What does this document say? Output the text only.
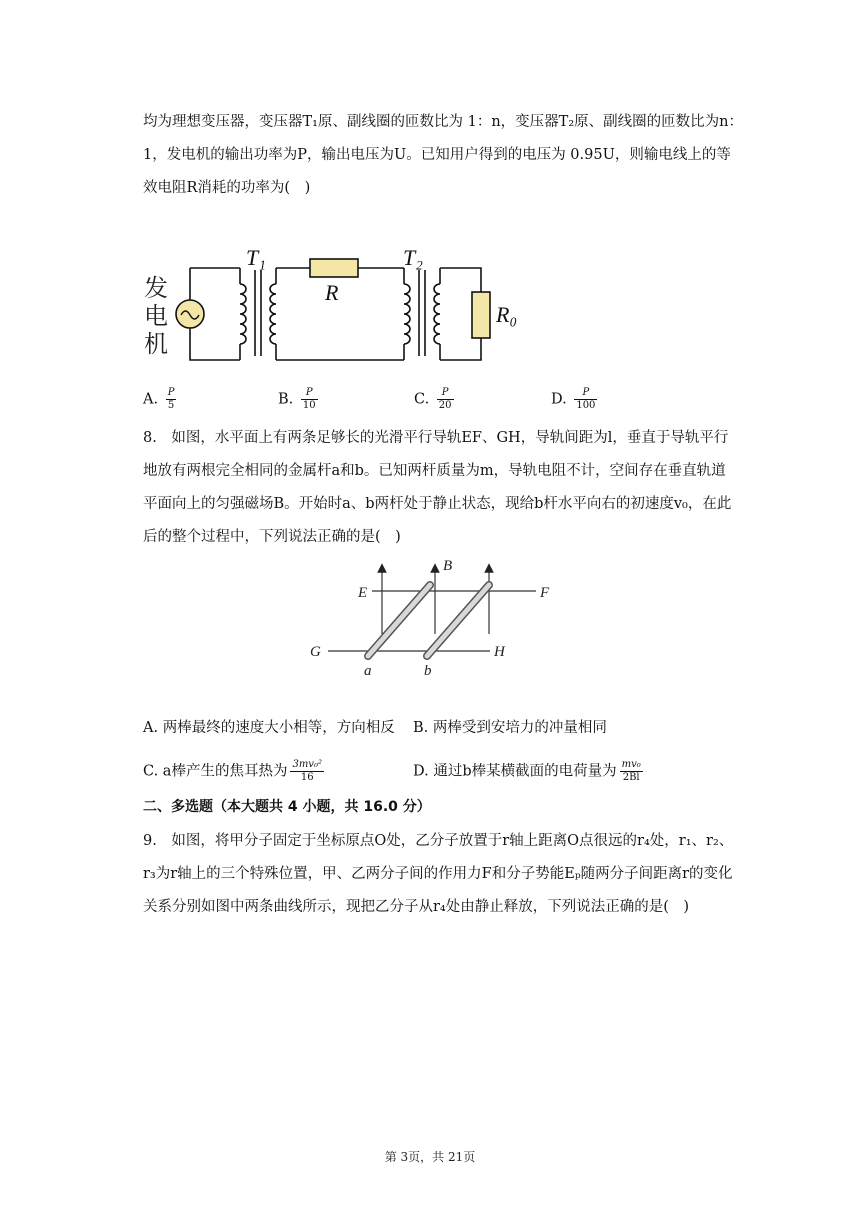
均为理想变压器，变压器T₁原、副线圈的匝数比为 1：n，变压器T₂原、副线圈的匝数比为n：
1，发电机的输出功率为P，输出电压为U。已知用户得到的电压为 0.95U，则输电线上的等
效电阻R消耗的功率为(　)
发
电
机
T₁
R
T₂
R₀
A. $\frac{P}{5}$	B. $\frac{P}{10}$	C. $\frac{P}{20}$	D. $\frac{P}{100}$
8.　如图，水平面上有两条足够长的光滑平行导轨EF、GH，导轨间距为l，垂直于导轨平行
地放有两根完全相同的金属杆a和b。已知两杆质量为m，导轨电阻不计，空间存在垂直轨道
平面向上的匀强磁场B。开始时a、b两杆处于静止状态，现给b杆水平向右的初速度v₀，在此
后的整个过程中，下列说法正确的是(　)
B
E	F
G	H
a	b
A. 两棒最终的速度大小相等，方向相反 B. 两棒受到安培力的冲量相同
C. a棒产生的焦耳热为 $\frac{\text{3mv₀²}}{16}$	D. 通过b棒某横截面的电荷量为 $\frac{\text{mv₀}}{2Bl}$
二、多选题（本大题共 4 小题，共 16.0 分）
9.　如图，将甲分子固定于坐标原点O处，乙分子放置于r轴上距离O点很远的r₄处，r₁、r₂、
r₃为r轴上的三个特殊位置，甲、乙两分子间的作用力F和分子势能Eₚ随两分子间距离r的变化
关系分别如图中两条曲线所示，现把乙分子从r₄处由静止释放，下列说法正确的是(　)
第 3页，共 21页
